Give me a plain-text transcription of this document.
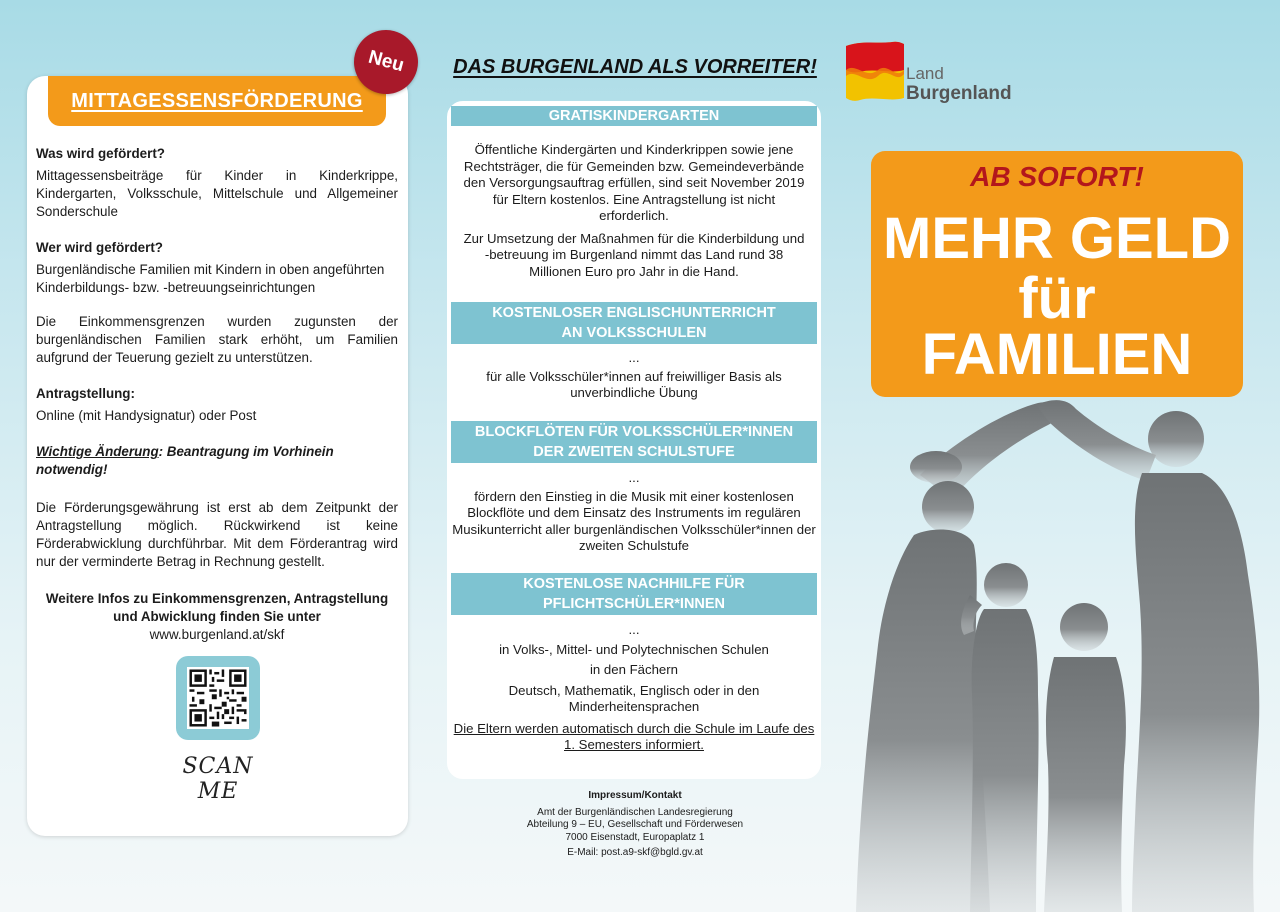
MITTAGESSENSFÖRDERUNG
Neu

Was wird gefördert?

Mittagessensbeiträge für Kinder in Kinderkrippe, Kindergarten, Volksschule, Mittelschule und Allgemeiner Sonderschule

Wer wird gefördert?

Burgenländische Familien mit Kindern in oben angeführten Kinderbildungs- bzw. -betreuungseinrichtungen

Die Einkommensgrenzen wurden zugunsten der burgenländischen Familien stark erhöht, um Familien aufgrund der Teuerung gezielt zu unterstützen.

Antragstellung:

Online (mit Handysignatur) oder Post

Wichtige Änderung: Beantragung im Vorhinein notwendig!

Die Förderungsgewährung ist erst ab dem Zeitpunkt der Antragstellung möglich. Rückwirkend ist keine Förderabwicklung durchführbar. Mit dem Förderantrag wird nur der verminderte Betrag in Rechnung gestellt.

Weitere Infos zu Einkommensgrenzen, Antragstellung
und Abwicklung finden Sie unter
www.burgenland.at/skf
SCAN ME
DAS BURGENLAND ALS VORREITER!
GRATISKINDERGARTEN

Öffentliche Kindergärten und Kinderkrippen sowie jene Rechtsträger, die für Gemeinden bzw. Gemeindeverbände den Versorgungsauftrag erfüllen, sind seit November 2019 für Eltern kostenlos. Eine Antragstellung ist nicht erforderlich.

Zur Umsetzung der Maßnahmen für die Kinderbildung und -betreuung im Burgenland nimmt das Land rund 38 Millionen Euro pro Jahr in die Hand.

KOSTENLOSER ENGLISCHUNTERRICHT
AN VOLKSSCHULEN

...

für alle Volksschüler*innen auf freiwilliger Basis als unverbindliche Übung

BLOCKFLÖTEN FÜR VOLKSSCHÜLER*INNEN
DER ZWEITEN SCHULSTUFE

...

fördern den Einstieg in die Musik mit einer kostenlosen Blockflöte und dem Einsatz des Instruments im regulären Musikunterricht aller burgenländischen Volksschüler*innen der zweiten Schulstufe

KOSTENLOSE NACHHILFE FÜR
PFLICHTSCHÜLER*INNEN

...

in Volks-, Mittel- und Polytechnischen Schulen

in den Fächern

Deutsch, Mathematik, Englisch oder in den Minderheitensprachen

Die Eltern werden automatisch durch die Schule im Laufe des 1. Semesters informiert.

Impressum/Kontakt
Amt der Burgenländischen Landesregierung
Abteilung 9 – EU, Gesellschaft und Förderwesen
7000 Eisenstadt, Europaplatz 1
E-Mail: post.a9-skf@bgld.gv.at
Land
Burgenland
AB SOFORT!
MEHR GELD
für
FAMILIEN
